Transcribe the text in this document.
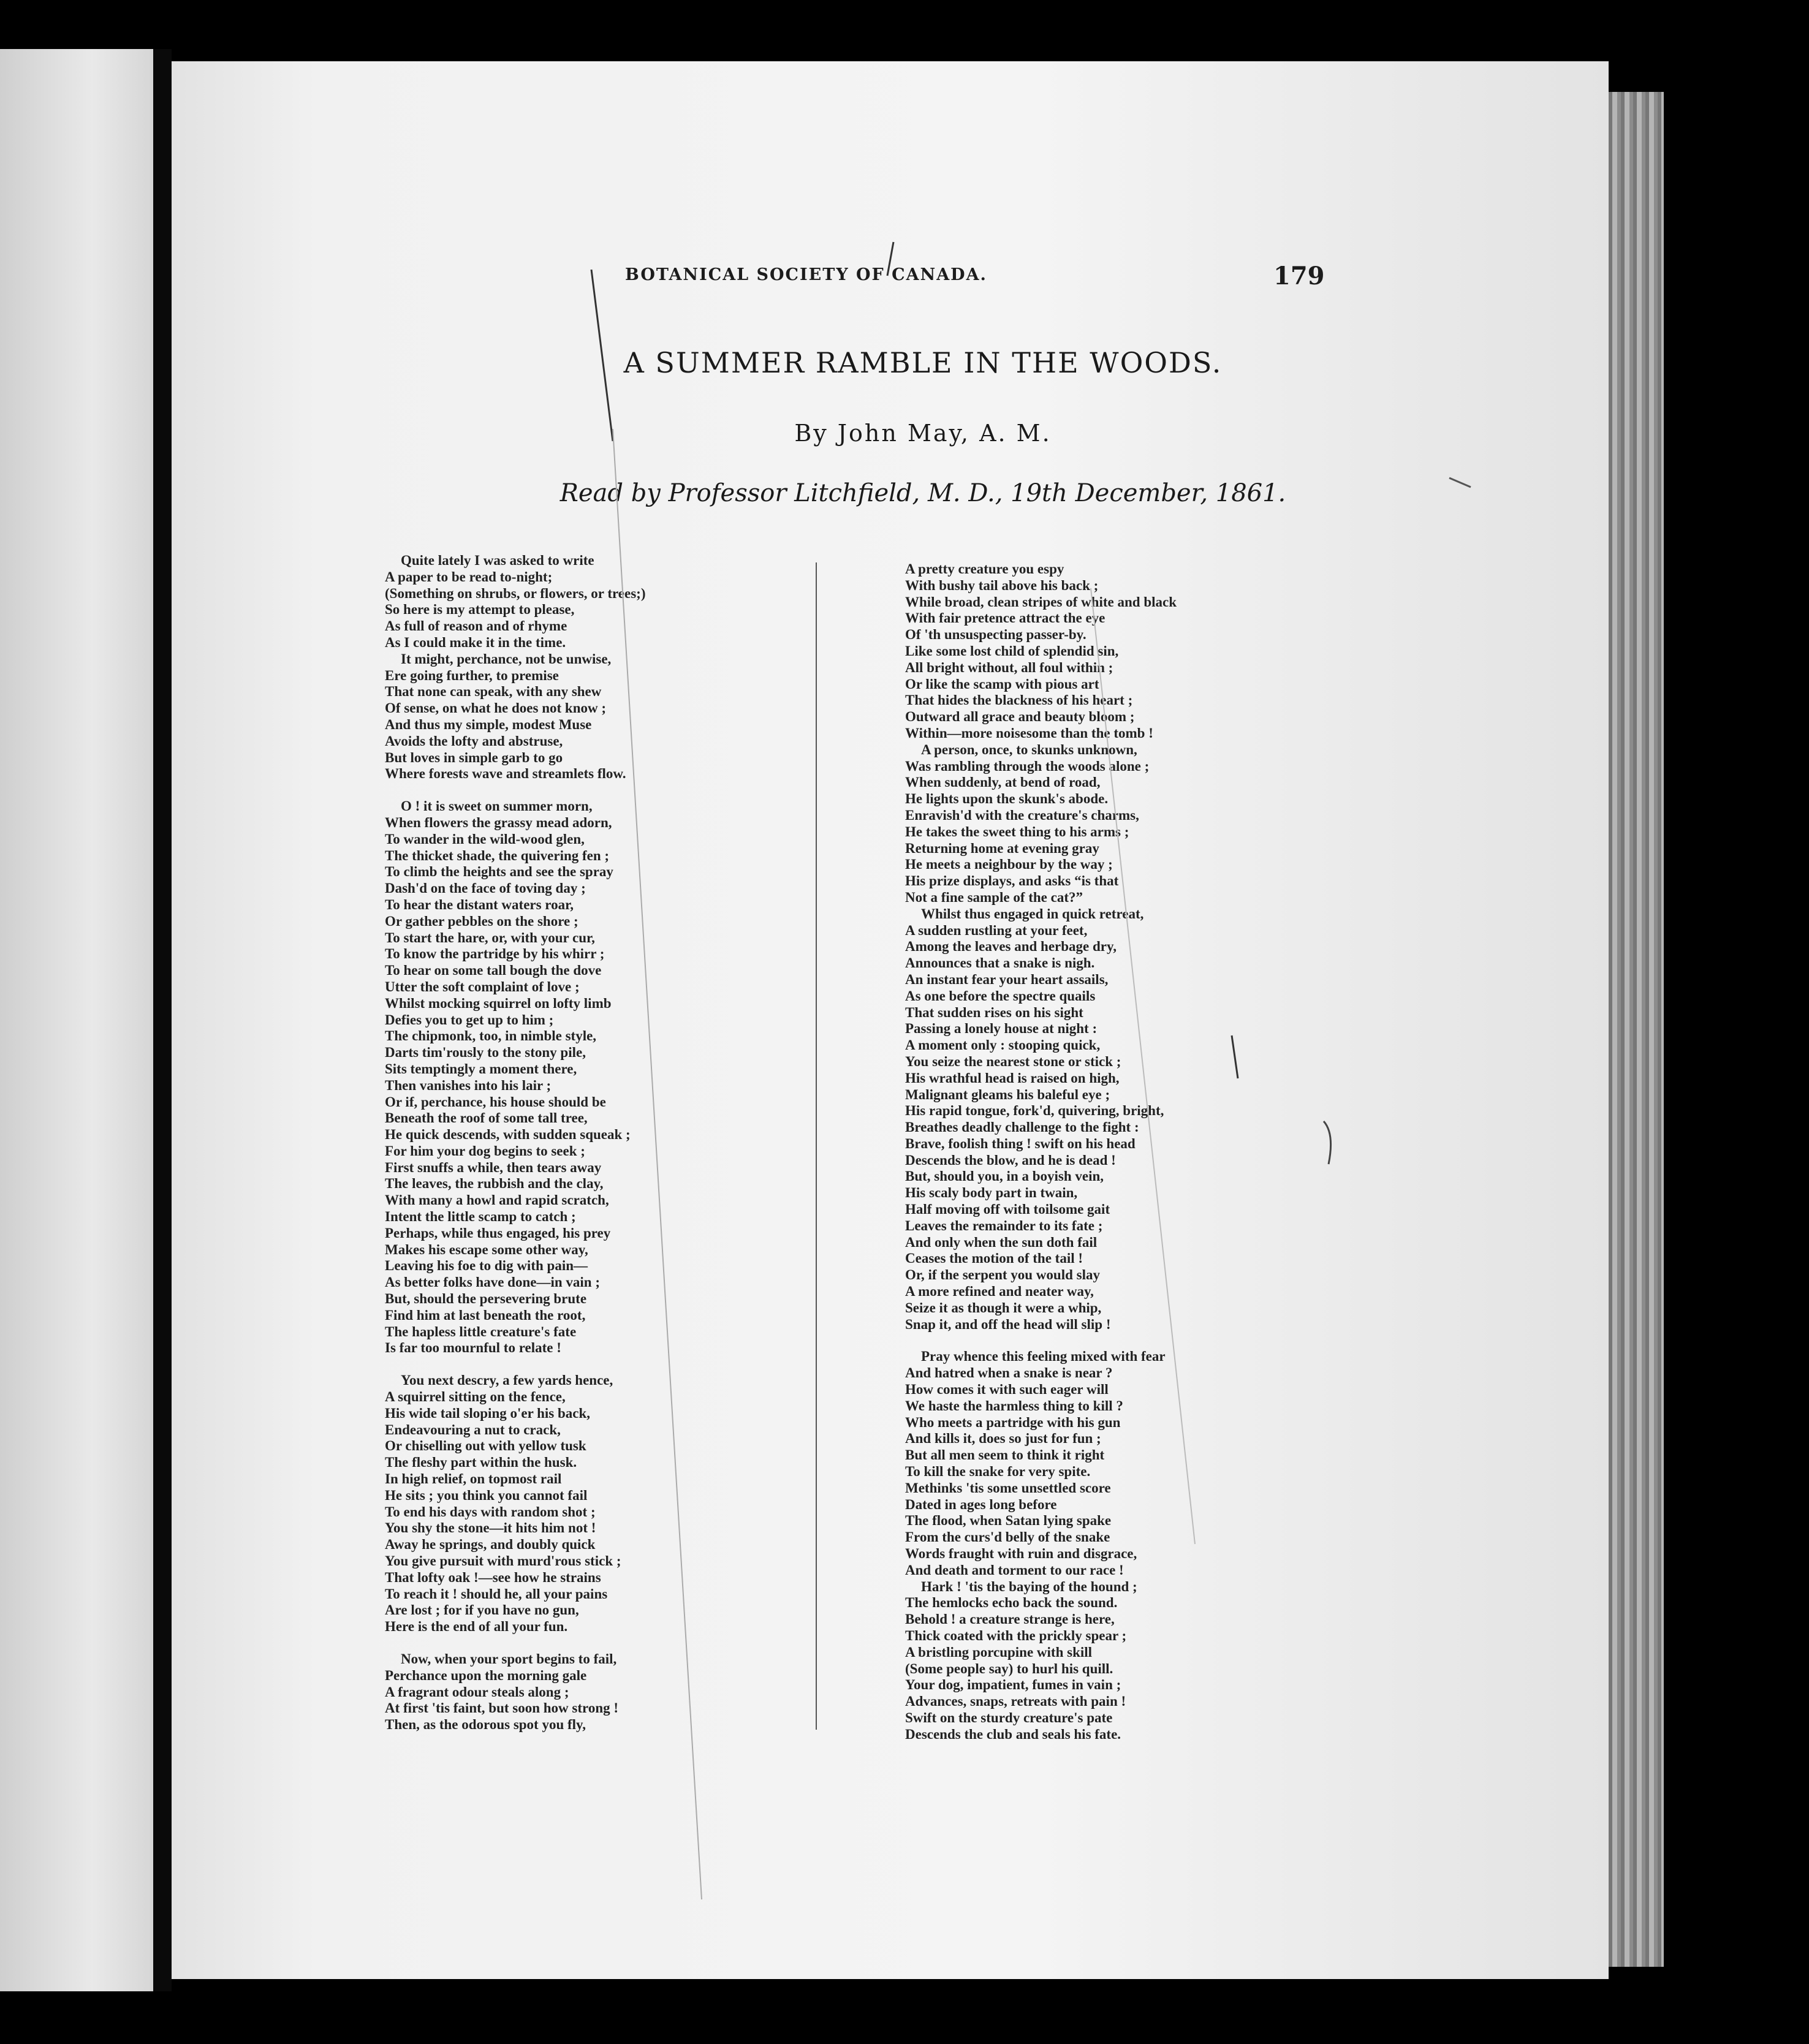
BOTANICAL SOCIETY OF CANADA.	179
A SUMMER RAMBLE IN THE WOODS.
By John May, A. M.
Read by Professor Litchfield, M. D., 19th December, 1861.
Quite lately I was asked to write
A paper to be read to-night;
(Something on shrubs, or flowers, or trees;)
So here is my attempt to please,
As full of reason and of rhyme
As I could make it in the time.
It might, perchance, not be unwise,
Ere going further, to premise
That none can speak, with any shew
Of sense, on what he does not know ;
And thus my simple, modest Muse
Avoids the lofty and abstruse,
But loves in simple garb to go
Where forests wave and streamlets flow.
O ! it is sweet on summer morn,
When flowers the grassy mead adorn,
To wander in the wild-wood glen,
The thicket shade, the quivering fen ;
To climb the heights and see the spray
Dash'd on the face of toving day ;
To hear the distant waters roar,
Or gather pebbles on the shore ;
To start the hare, or, with your cur,
To know the partridge by his whirr ;
To hear on some tall bough the dove
Utter the soft complaint of love ;
Whilst mocking squirrel on lofty limb
Defies you to get up to him ;
The chipmonk, too, in nimble style,
Darts tim'rously to the stony pile,
Sits temptingly a moment there,
Then vanishes into his lair ;
Or if, perchance, his house should be
Beneath the roof of some tall tree,
He quick descends, with sudden squeak ;
For him your dog begins to seek ;
First snuffs a while, then tears away
The leaves, the rubbish and the clay,
With many a howl and rapid scratch,
Intent the little scamp to catch ;
Perhaps, while thus engaged, his prey
Makes his escape some other way,
Leaving his foe to dig with pain—
As better folks have done—in vain ;
But, should the persevering brute
Find him at last beneath the root,
The hapless little creature's fate
Is far too mournful to relate !
You next descry, a few yards hence,
A squirrel sitting on the fence,
His wide tail sloping o'er his back,
Endeavouring a nut to crack,
Or chiselling out with yellow tusk
The fleshy part within the husk.
In high relief, on topmost rail
He sits ; you think you cannot fail
To end his days with random shot ;
You shy the stone—it hits him not !
Away he springs, and doubly quick
You give pursuit with murd'rous stick ;
That lofty oak !—see how he strains
To reach it ! should he, all your pains
Are lost ; for if you have no gun,
Here is the end of all your fun.
Now, when your sport begins to fail,
Perchance upon the morning gale
A fragrant odour steals along ;
At first 'tis faint, but soon how strong !
Then, as the odorous spot you fly,
A pretty creature you espy
With bushy tail above his back ;
While broad, clean stripes of white and black
With fair pretence attract the eye
Of 'th unsuspecting passer-by.
Like some lost child of splendid sin,
All bright without, all foul within ;
Or like the scamp with pious art
That hides the blackness of his heart ;
Outward all grace and beauty bloom ;
Within—more noisesome than the tomb !
A person, once, to skunks unknown,
Was rambling through the woods alone ;
When suddenly, at bend of road,
He lights upon the skunk's abode.
Enravish'd with the creature's charms,
He takes the sweet thing to his arms ;
Returning home at evening gray
He meets a neighbour by the way ;
His prize displays, and asks “is that
Not a fine sample of the cat?”
Whilst thus engaged in quick retreat,
A sudden rustling at your feet,
Among the leaves and herbage dry,
Announces that a snake is nigh.
An instant fear your heart assails,
As one before the spectre quails
That sudden rises on his sight
Passing a lonely house at night :
A moment only : stooping quick,
You seize the nearest stone or stick ;
His wrathful head is raised on high,
Malignant gleams his baleful eye ;
His rapid tongue, fork'd, quivering, bright,
Breathes deadly challenge to the fight :
Brave, foolish thing ! swift on his head
Descends the blow, and he is dead !
But, should you, in a boyish vein,
His scaly body part in twain,
Half moving off with toilsome gait
Leaves the remainder to its fate ;
And only when the sun doth fail
Ceases the motion of the tail !
Or, if the serpent you would slay
A more refined and neater way,
Seize it as though it were a whip,
Snap it, and off the head will slip !
Pray whence this feeling mixed with fear
And hatred when a snake is near ?
How comes it with such eager will
We haste the harmless thing to kill ?
Who meets a partridge with his gun
And kills it, does so just for fun ;
But all men seem to think it right
To kill the snake for very spite.
Methinks 'tis some unsettled score
Dated in ages long before
The flood, when Satan lying spake
From the curs'd belly of the snake
Words fraught with ruin and disgrace,
And death and torment to our race !
Hark ! 'tis the baying of the hound ;
The hemlocks echo back the sound.
Behold ! a creature strange is here,
Thick coated with the prickly spear ;
A bristling porcupine with skill
(Some people say) to hurl his quill.
Your dog, impatient, fumes in vain ;
Advances, snaps, retreats with pain !
Swift on the sturdy creature's pate
Descends the club and seals his fate.
